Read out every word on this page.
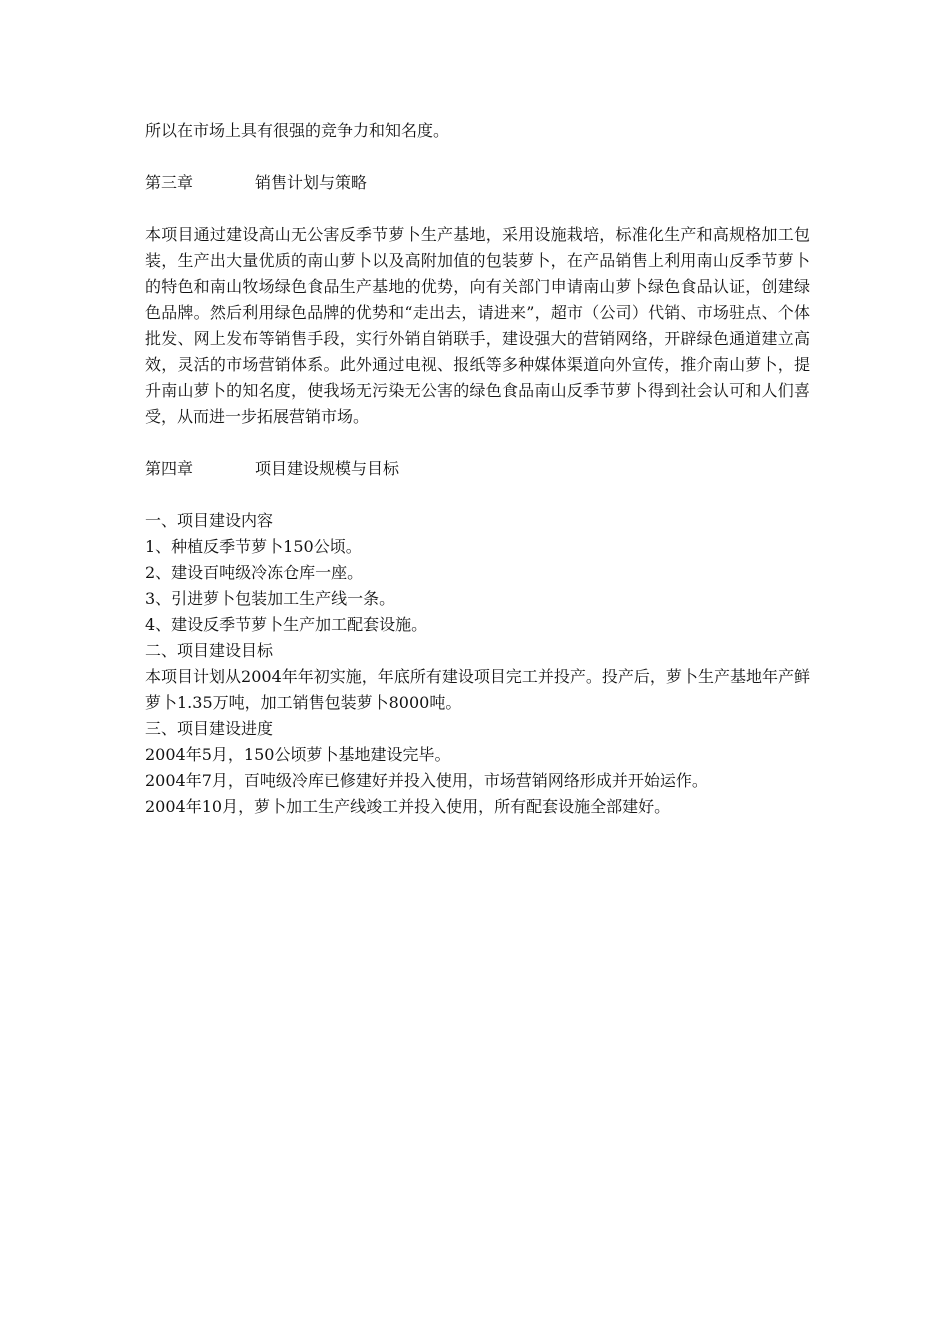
所以在市场上具有很强的竞争力和知名度。
第三章	销售计划与策略

本项目通过建设高山无公害反季节萝卜生产基地，采用设施栽培，标准化生产和高规格加工包装，生产出大量优质的南山萝卜以及高附加值的包装萝卜，在产品销售上利用南山反季节萝卜的特色和南山牧场绿色食品生产基地的优势，向有关部门申请南山萝卜绿色食品认证，创建绿色品牌。然后利用绿色品牌的优势和“走出去，请进来”，超市（公司）代销、市场驻点、个体批发、网上发布等销售手段，实行外销自销联手，建设强大的营销网络，开辟绿色通道建立高效，灵活的市场营销体系。此外通过电视、报纸等多种媒体渠道向外宣传，推介南山萝卜，提升南山萝卜的知名度，使我场无污染无公害的绿色食品南山反季节萝卜得到社会认可和人们喜受，从而进一步拓展营销市场。

第四章	项目建设规模与目标
一、项目建设内容
1、种植反季节萝卜150公顷。
2、建设百吨级冷冻仓库一座。
3、引进萝卜包装加工生产线一条。
4、建设反季节萝卜生产加工配套设施。
二、项目建设目标

本项目计划从2004年年初实施，年底所有建设项目完工并投产。投产后，萝卜生产基地年产鲜萝卜1.35万吨，加工销售包装萝卜8000吨。

三、项目建设进度
2004年5月，150公顷萝卜基地建设完毕。
2004年7月，百吨级冷库已修建好并投入使用，市场营销网络形成并开始运作。
2004年10月，萝卜加工生产线竣工并投入使用，所有配套设施全部建好。
